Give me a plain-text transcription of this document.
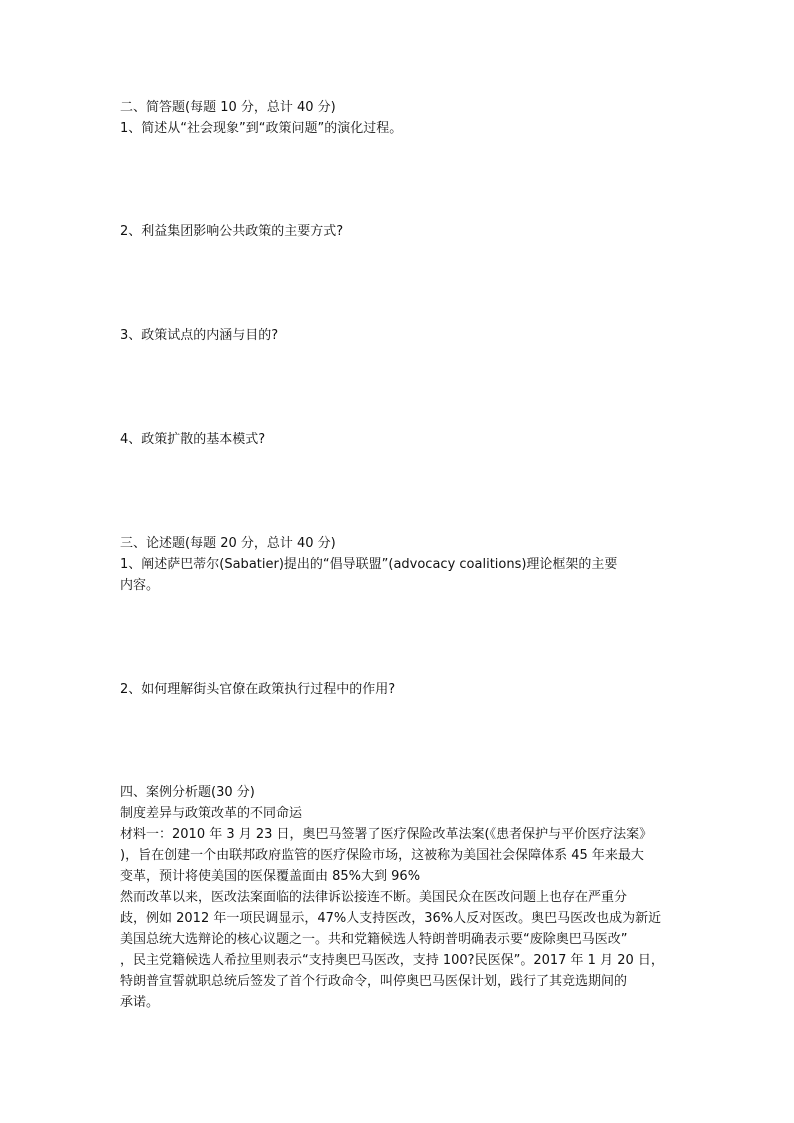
二、简答题(每题 10 分，总计 40 分)
1、简述从“社会现象”到“政策问题”的演化过程。
2、利益集团影响公共政策的主要方式?
3、政策试点的内涵与目的?
4、政策扩散的基本模式?
三、论述题(每题 20 分，总计 40 分)
1、阐述萨巴蒂尔(Sabatier)提出的“倡导联盟”(advocacy coalitions)理论框架的主要
内容。
2、如何理解街头官僚在政策执行过程中的作用?
四、案例分析题(30 分)
制度差异与政策改革的不同命运
材料一：2010 年 3 月 23 日，奥巴马签署了医疗保险改革法案(《患者保护与平价医疗法案》
)，旨在创建一个由联邦政府监管的医疗保险市场，这被称为美国社会保障体系 45 年来最大
变革，预计将使美国的医保覆盖面由 85%大到 96%
然而改革以来，医改法案面临的法律诉讼接连不断。美国民众在医改问题上也存在严重分
歧，例如 2012 年一项民调显示，47%人支持医改，36%人反对医改。奥巴马医改也成为新近
美国总统大选辩论的核心议题之一。共和党籍候选人特朗普明确表示要“废除奥巴马医改”
，民主党籍候选人希拉里则表示“支持奥巴马医改，支持 100?民医保”。2017 年 1 月 20 日，
特朗普宣誓就职总统后签发了首个行政命令，叫停奥巴马医保计划，践行了其竞选期间的
承诺。
